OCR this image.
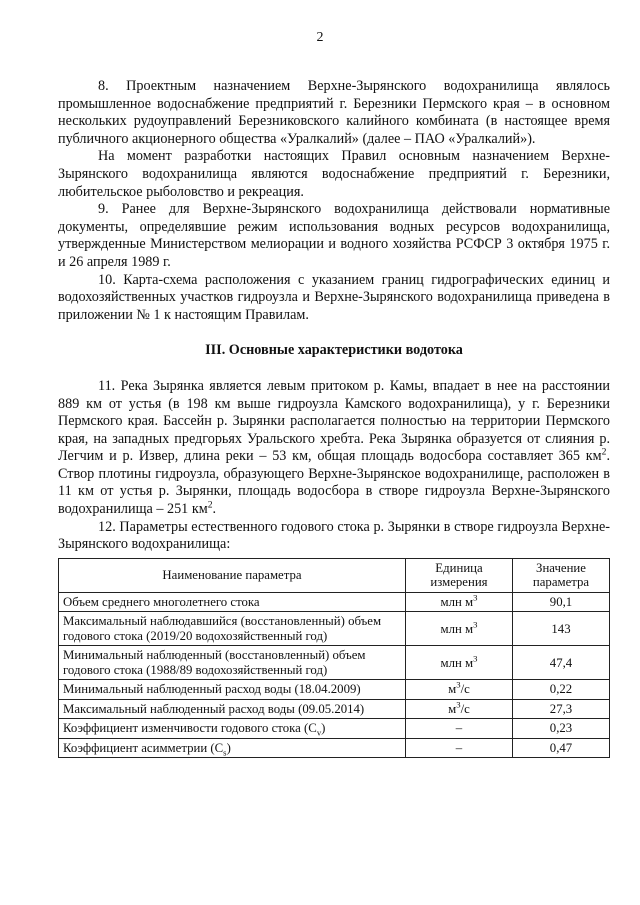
2

8. Проектным назначением Верхне-Зырянского водохранилища являлось промышленное водоснабжение предприятий г. Березники Пермского края – в основном нескольких рудоуправлений Березниковского калийного комбината (в настоящее время публичного акционерного общества «Уралкалий» (далее – ПАО «Уралкалий»).

На момент разработки настоящих Правил основным назначением Верхне-Зырянского водохранилища являются водоснабжение предприятий г. Березники, любительское рыболовство и рекреация.

9. Ранее для Верхне-Зырянского водохранилища действовали нормативные документы, определявшие режим использования водных ресурсов водохранилища, утвержденные Министерством мелиорации и водного хозяйства РСФСР 3 октября 1975 г. и 26 апреля 1989 г.

10. Карта-схема расположения с указанием границ гидрографических единиц и водохозяйственных участков гидроузла и Верхне-Зырянского водохранилища приведена в приложении № 1 к настоящим Правилам.

III. Основные характеристики водотока

11. Река Зырянка является левым притоком р. Камы, впадает в нее на расстоянии 889 км от устья (в 198 км выше гидроузла Камского водохранилища), у г. Березники Пермского края. Бассейн р. Зырянки располагается полностью на территории Пермского края, на западных предгорьях Уральского хребта. Река Зырянка образуется от слияния р. Легчим и р. Извер, длина реки – 53 км, общая площадь водосбора составляет 365 $км^2$. Створ плотины гидроузла, образующего Верхне-Зырянское водохранилище, расположен в 11 км от устья р. Зырянки, площадь водосбора в створе гидроузла Верхне-Зырянского водохранилища – 251 $км^2$.

12. Параметры естественного годового стока р. Зырянки в створе гидроузла Верхне-Зырянского водохранилища:

Наименование параметра	Единица измерения	Значение параметра
Объем среднего многолетнего стока	млн $м^3$	90,1
Максимальный наблюдавшийся (восстановленный) объем годового стока (2019/20 водохозяйственный год)	млн $м^3$	143
Минимальный наблюденный (восстановленный) объем годового стока (1988/89 водохозяйственный год)	млн $м^3$	47,4
Минимальный наблюденный расход воды (18.04.2009)	$м^3/с$	0,22
Максимальный наблюденный расход воды (09.05.2014)	$м^3/с$	27,3
Коэффициент изменчивости годового стока $(C_v)$	–	0,23
Коэффициент асимметрии $(C_s)$	–	0,47
